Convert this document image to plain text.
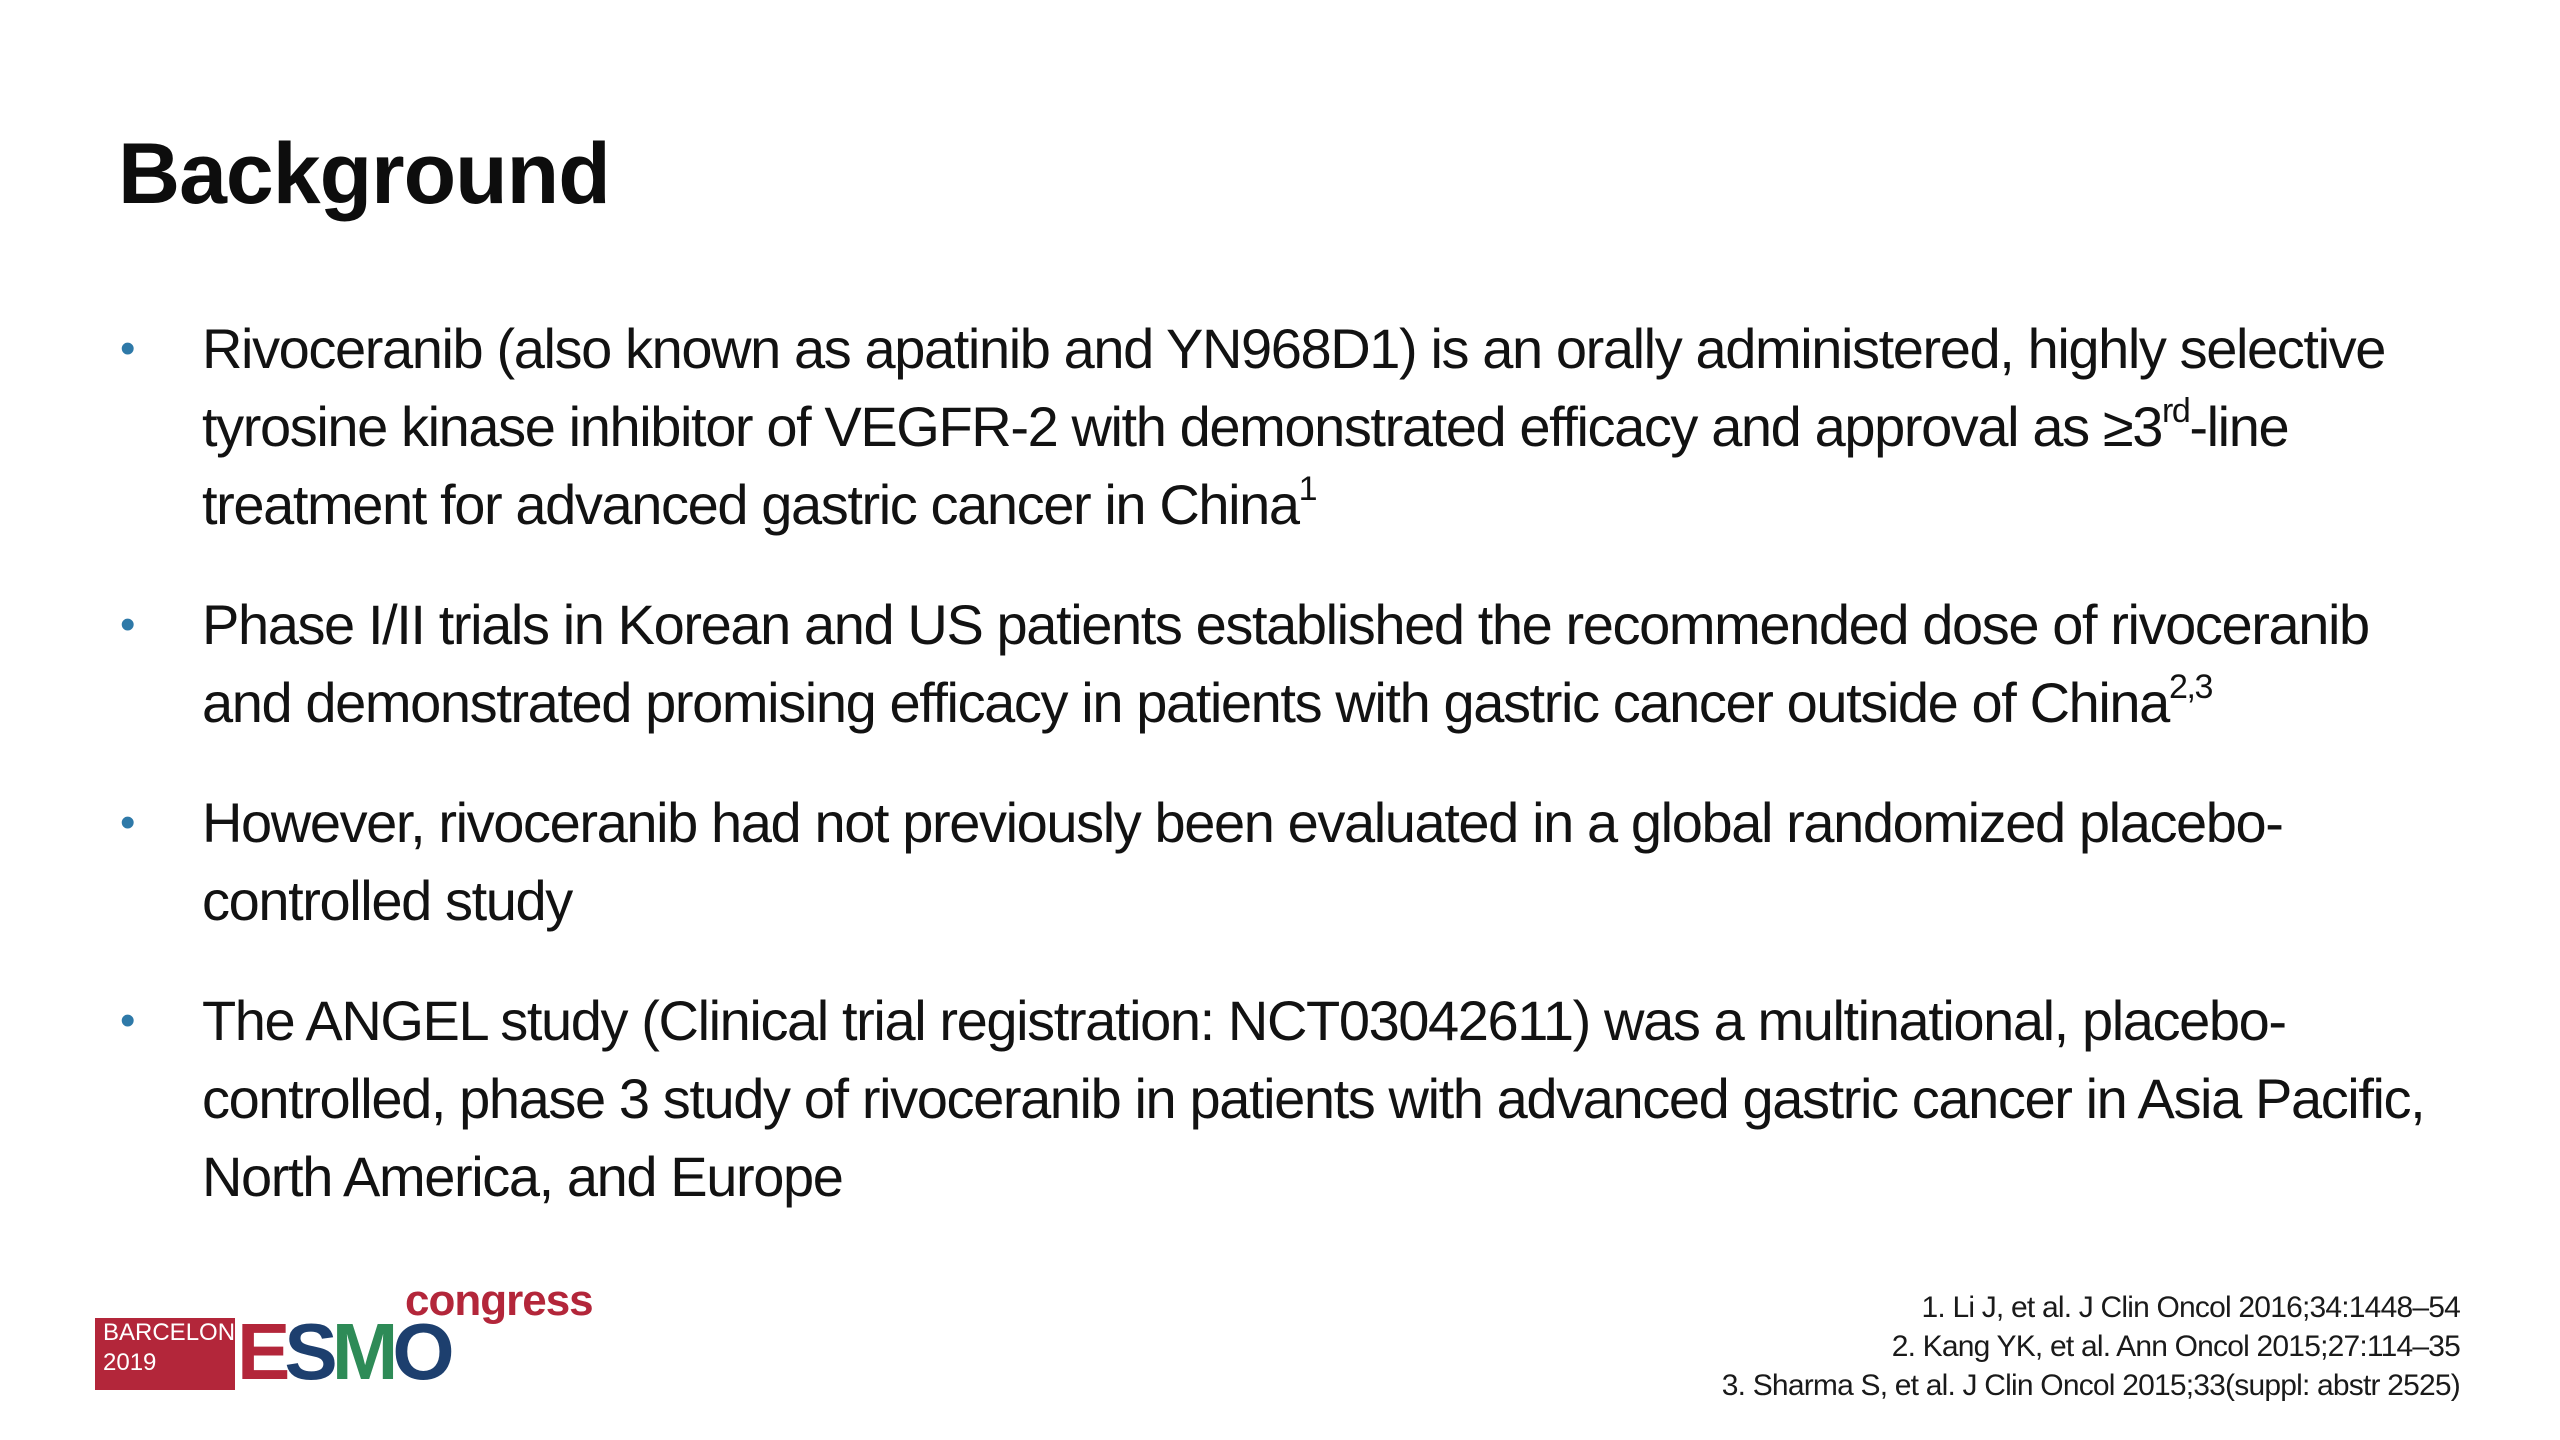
Background
• Rivoceranib (also known as apatinib and YN968D1) is an orally administered, highly selective tyrosine kinase inhibitor of VEGFR-2 with demonstrated efficacy and approval as ≥3rd-line treatment for advanced gastric cancer in China$^1$
• Phase I/II trials in Korean and US patients established the recommended dose of rivoceranib and demonstrated promising efficacy in patients with gastric cancer outside of China$^{2,3}$
• However, rivoceranib had not previously been evaluated in a global randomized placebo-controlled study
• The ANGEL study (Clinical trial registration: NCT03042611) was a multinational, placebo-controlled, phase 3 study of rivoceranib in patients with advanced gastric cancer in Asia Pacific, North America, and Europe
BARCELONA
2019	ESMO
congress	1. Li J, et al. J Clin Oncol 2016;34:1448–54
2. Kang YK, et al. Ann Oncol 2015;27:114–35
3. Sharma S, et al. J Clin Oncol 2015;33(suppl: abstr 2525)
